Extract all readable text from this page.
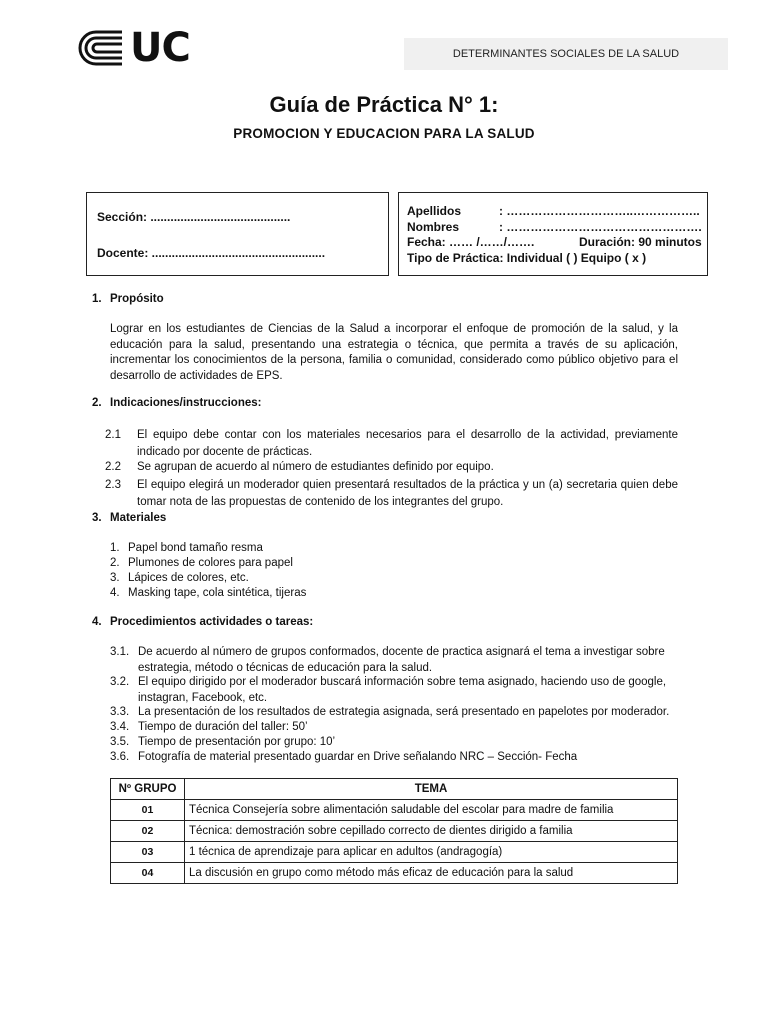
UC	DETERMINANTES SOCIALES DE LA SALUD
Guía de Práctica N° 1:
PROMOCION Y EDUCACION PARA LA SALUD
Sección: ..........................................
Docente: ....................................................
Apellidos	: …………………………..……………..
Nombres	: ………………………………………….
Fecha: …… /……/…….	Duración: 90 minutos
Tipo de Práctica: Individual ( ) Equipo ( x )
1. Propósito
Lograr en los estudiantes de Ciencias de la Salud a incorporar el enfoque de promoción de la salud, y la educación para la salud, presentando una estrategia o técnica, que permita a través de su aplicación, incrementar los conocimientos de la persona, familia o comunidad, considerado como público objetivo para el desarrollo de actividades de EPS.
2. Indicaciones/instrucciones:
2.1 El equipo debe contar con los materiales necesarios para el desarrollo de la actividad, previamente indicado por docente de prácticas.
2.2 Se agrupan de acuerdo al número de estudiantes definido por equipo.
2.3 El equipo elegirá un moderador quien presentará resultados de la práctica y un (a) secretaria quien debe tomar nota de las propuestas de contenido de los integrantes del grupo.
3. Materiales
1. Papel bond tamaño resma
2. Plumones de colores para papel
3. Lápices de colores, etc.
4. Masking tape, cola sintética, tijeras
4. Procedimientos actividades o tareas:
3.1. De acuerdo al número de grupos conformados, docente de practica asignará el tema a investigar sobre estrategia, método o técnicas de educación para la salud.
3.2. El equipo dirigido por el moderador buscará información sobre tema asignado, haciendo uso de google, instagran, Facebook, etc.
3.3. La presentación de los resultados de estrategia asignada, será presentado en papelotes por moderador.
3.4. Tiempo de duración del taller: 50’
3.5. Tiempo de presentación por grupo: 10’
3.6. Fotografía de material presentado guardar en Drive señalando NRC – Sección- Fecha
Nº GRUPO	TEMA
01	Técnica Consejería sobre alimentación saludable del escolar para madre de familia
02	Técnica: demostración sobre cepillado correcto de dientes dirigido a familia
03	1 técnica de aprendizaje para aplicar en adultos (andragogía)
04	La discusión en grupo como método más eficaz de educación para la salud
